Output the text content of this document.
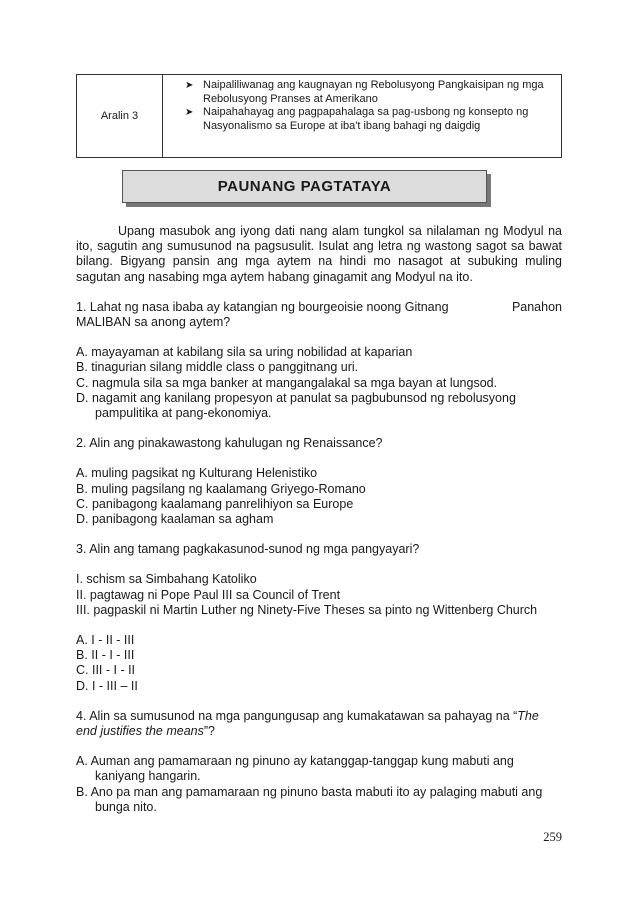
Aralin 3
➤ Naipaliliwanag ang kaugnayan ng Rebolusyong Pangkaisipan ng mga Rebolusyong Pranses at Amerikano
➤ Naipahahayag ang pagpapahalaga sa pag-usbong ng konsepto ng Nasyonalismo sa Europe at iba't ibang bahagi ng daigdig
PAUNANG PAGTATAYA

Upang masubok ang iyong dati nang alam tungkol sa nilalaman ng Modyul na ito, sagutin ang sumusunod na pagsusulit. Isulat ang letra ng wastong sagot sa bawat bilang. Bigyang pansin ang mga aytem na hindi mo nasagot at subuking muling sagutan ang nasabing mga aytem habang ginagamit ang Modyul na ito.

1. Lahat ng nasa ibaba ay katangian ng bourgeoisie noong Gitnang	Panahon
MALIBAN sa anong aytem?
A. mayayaman at kabilang sila sa uring nobilidad at kaparian
B. tinagurian silang middle class o panggitnang uri.
C. nagmula sila sa mga banker at mangangalakal sa mga bayan at lungsod.
D. nagamit ang kanilang propesyon at panulat sa pagbubunsod ng rebolusyong pampulitika at pang-ekonomiya.
2. Alin ang pinakawastong kahulugan ng Renaissance?
A. muling pagsikat ng Kulturang Helenistiko
B. muling pagsilang ng kaalamang Griyego-Romano
C. panibagong kaalamang panrelihiyon sa Europe
D. panibagong kaalaman sa agham
3. Alin ang tamang pagkakasunod-sunod ng mga pangyayari?
I. schism sa Simbahang Katoliko
II. pagtawag ni Pope Paul III sa Council of Trent
III. pagpaskil ni Martin Luther ng Ninety-Five Theses sa pinto ng Wittenberg Church
A. I - II - III
B. II - I - III
C. III - I - II
D. I - III – II
4. Alin sa sumusunod na mga pangungusap ang kumakatawan sa pahayag na “The end justifies the means”?
A. Auman ang pamamaraan ng pinuno ay katanggap-tanggap kung mabuti ang kaniyang hangarin.
B. Ano pa man ang pamamaraan ng pinuno basta mabuti ito ay palaging mabuti ang bunga nito.
259
